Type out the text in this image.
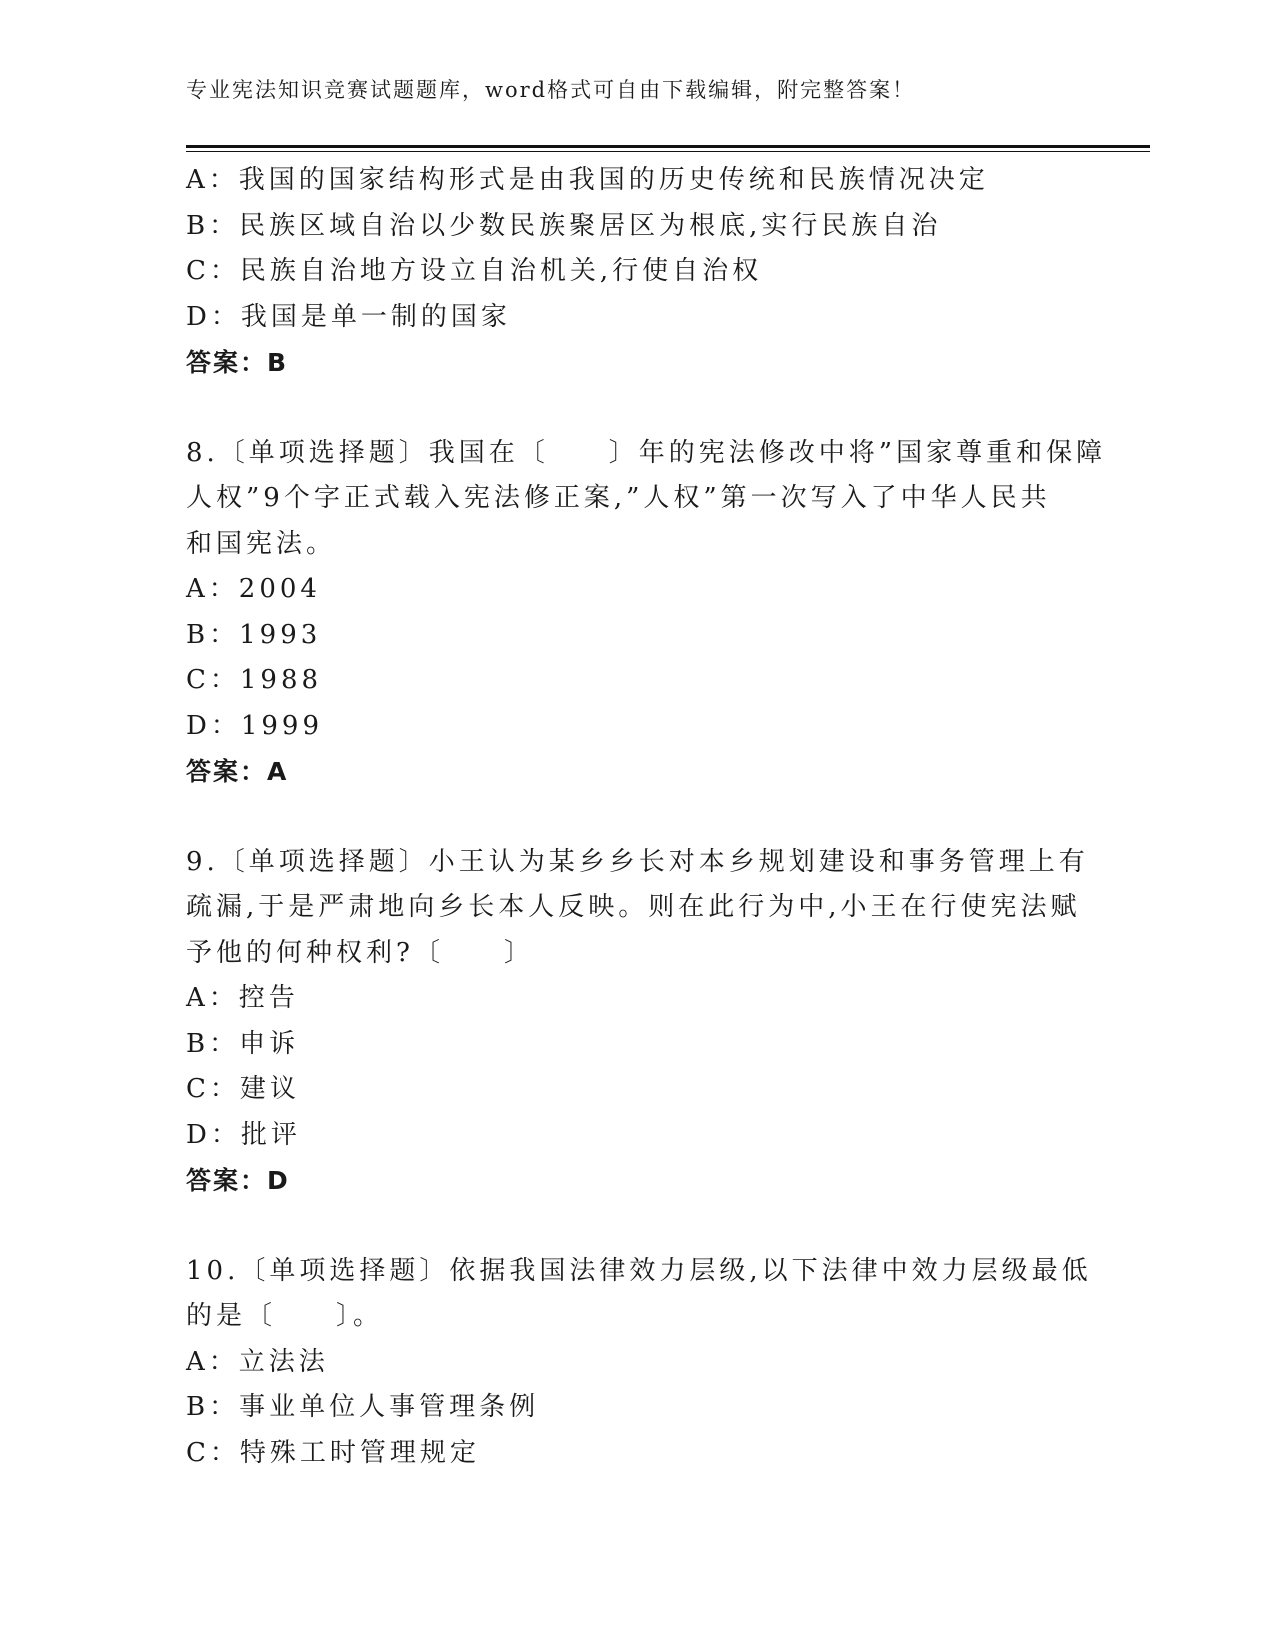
专业宪法知识竞赛试题题库，word格式可自由下载编辑，附完整答案！
A：我国的国家结构形式是由我国的历史传统和民族情况决定
B：民族区域自治以少数民族聚居区为根底,实行民族自治
C：民族自治地方设立自治机关,行使自治权
D：我国是单一制的国家
答案：B
8.〔单项选择题〕我国在〔　　〕年的宪法修改中将”国家尊重和保障
人权”9个字正式载入宪法修正案,”人权”第一次写入了中华人民共
和国宪法。
A：2004
B：1993
C：1988
D：1999
答案：A
9.〔单项选择题〕小王认为某乡乡长对本乡规划建设和事务管理上有
疏漏,于是严肃地向乡长本人反映。则在此行为中,小王在行使宪法赋
予他的何种权利?〔　　〕
A：控告
B：申诉
C：建议
D：批评
答案：D
10.〔单项选择题〕依据我国法律效力层级,以下法律中效力层级最低
的是〔　　〕。
A：立法法
B：事业单位人事管理条例
C：特殊工时管理规定
